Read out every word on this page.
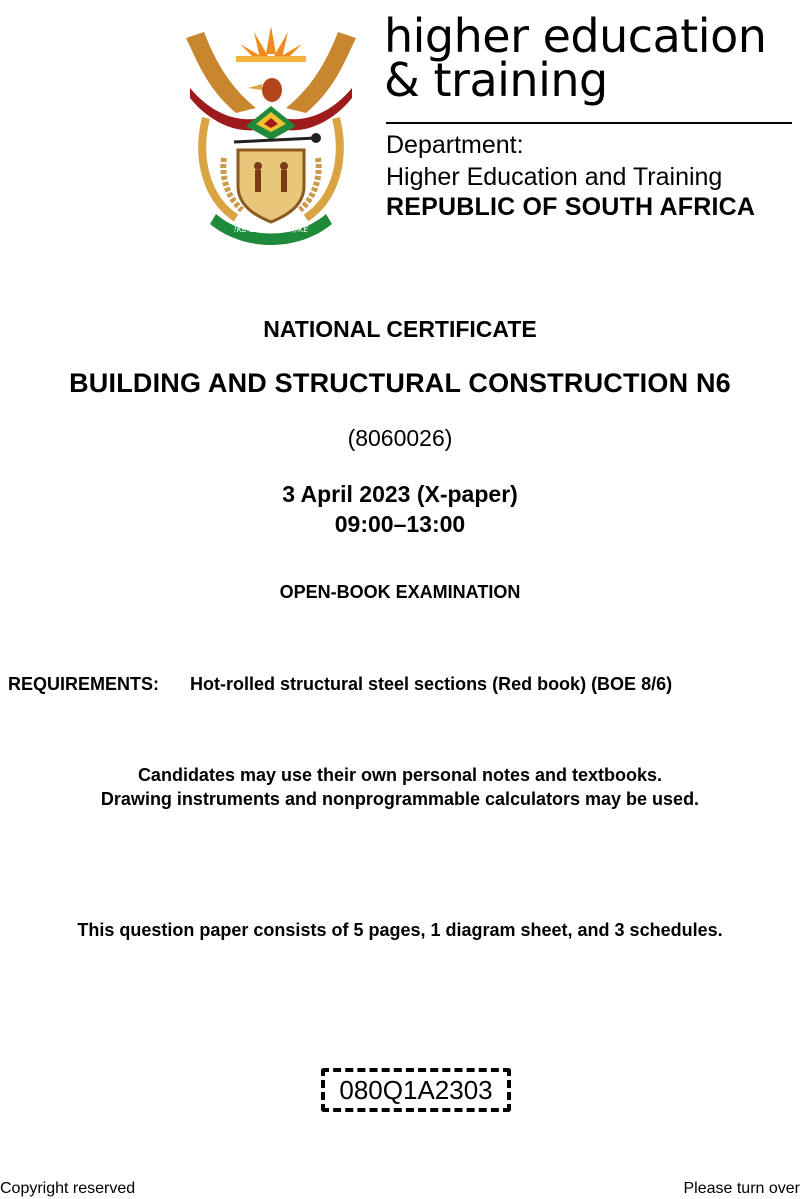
!KE E: /XARRA //KE
higher education
& training
Department:
Higher Education and Training
REPUBLIC OF SOUTH AFRICA
NATIONAL CERTIFICATE
BUILDING AND STRUCTURAL CONSTRUCTION N6
(8060026)
3 April 2023 (X-paper)
09:00–13:00
OPEN-BOOK EXAMINATION
REQUIREMENTS: Hot-rolled structural steel sections (Red book) (BOE 8/6)
Candidates may use their own personal notes and textbooks.
Drawing instruments and nonprogrammable calculators may be used.
This question paper consists of 5 pages, 1 diagram sheet, and 3 schedules.
080Q1A2303
Copyright reserved	Please turn over
